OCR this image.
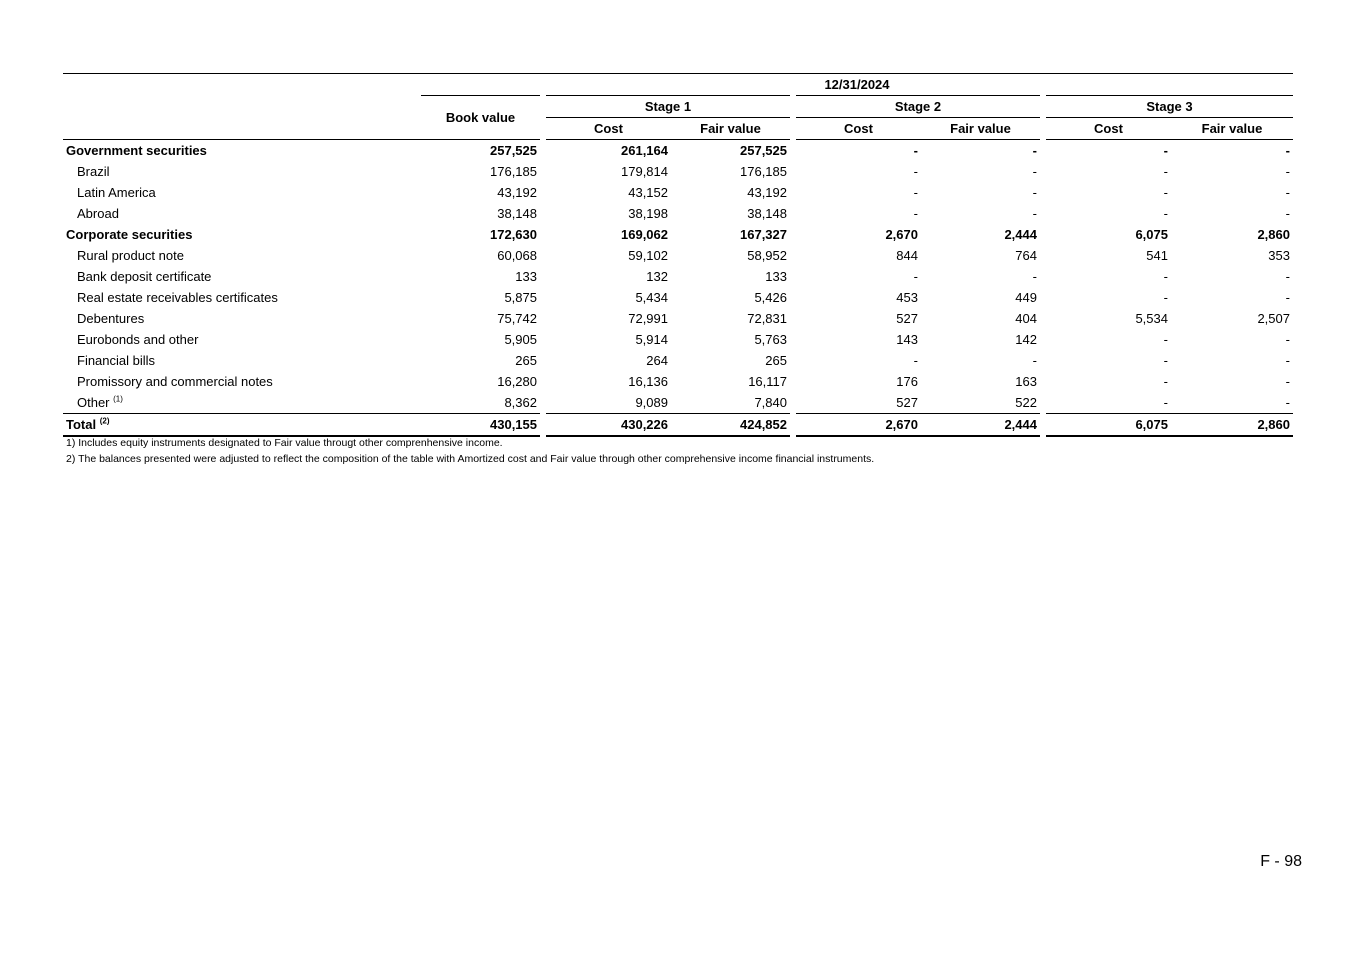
	12/31/2024						
	Book value	Stage 1		Stage 2		Stage 3	
		Cost	Fair value	Cost	Fair value	Cost	Fair value
Government securities	257,525	261,164	257,525	-	-	-	-
Brazil	176,185	179,814	176,185	-	-	-	-
Latin America	43,192	43,152	43,192	-	-	-	-
Abroad	38,148	38,198	38,148	-	-	-	-
Corporate securities	172,630	169,062	167,327	2,670	2,444	6,075	2,860
Rural product note	60,068	59,102	58,952	844	764	541	353
Bank deposit certificate	133	132	133	-	-	-	-
Real estate receivables certificates	5,875	5,434	5,426	453	449	-	-
Debentures	75,742	72,991	72,831	527	404	5,534	2,507
Eurobonds and other	5,905	5,914	5,763	143	142	-	-
Financial bills	265	264	265	-	-	-	-
Promissory and commercial notes	16,280	16,136	16,117	176	163	-	-
Other $^{(1)}$	8,362	9,089	7,840	527	522	-	-
Total $^{(2)}$	430,155	430,226	424,852	2,670	2,444	6,075	2,860
1) Includes equity instruments designated to Fair value througt other comprenhensive income.
2) The balances presented were adjusted to reflect the composition of the table with Amortized cost and Fair value through other comprehensive income financial instruments.
F - 98
